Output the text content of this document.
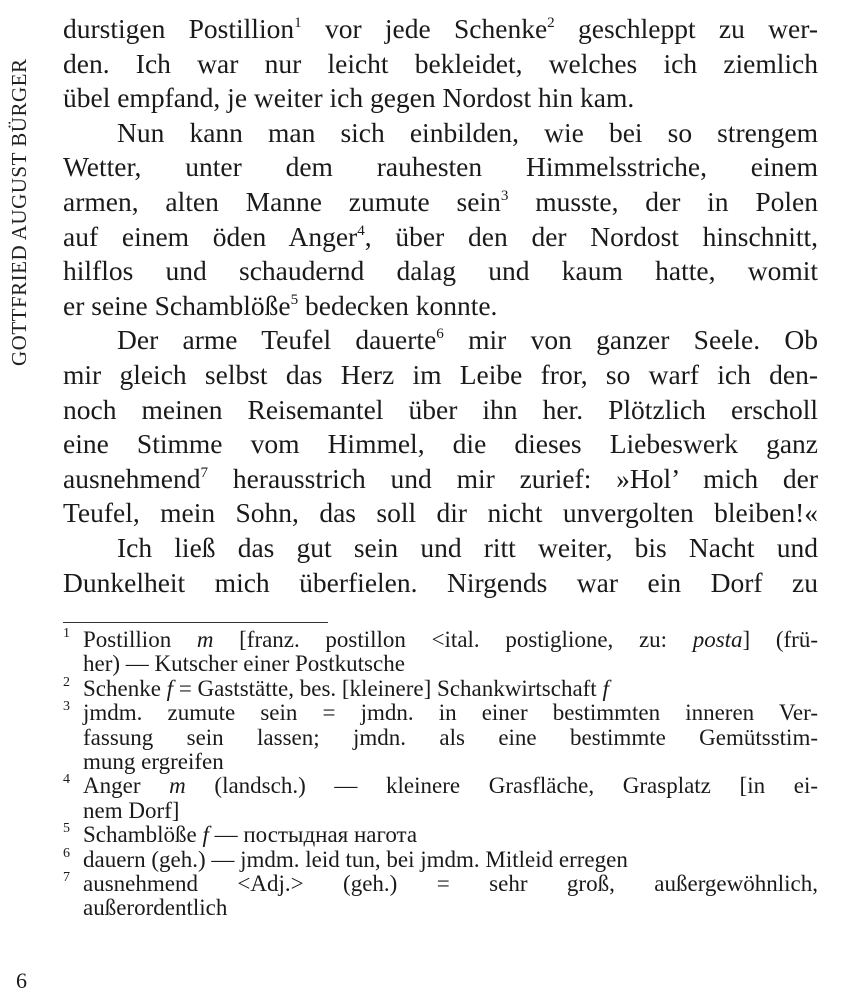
GOTTFRIED AUGUST BÜRGER
durstigen Postillion$^1$ vor jede Schenke$^2$ geschleppt zu wer-
den. Ich war nur leicht bekleidet, welches ich ziemlich
übel empfand, je weiter ich gegen Nordost hin kam.
Nun kann man sich einbilden, wie bei so strengem
Wetter, unter dem rauhesten Himmelsstriche, einem
armen, alten Manne zumute sein$^3$ musste, der in Polen
auf einem öden Anger$^4$, über den der Nordost hinschnitt,
hilflos und schaudernd dalag und kaum hatte, womit
er seine Schamblöße$^5$ bedecken konnte.
Der arme Teufel dauerte$^6$ mir von ganzer Seele. Ob
mir gleich selbst das Herz im Leibe fror, so warf ich den-
noch meinen Reisemantel über ihn her. Plötzlich erscholl
eine Stimme vom Himmel, die dieses Liebeswerk ganz
ausnehmend$^7$ herausstrich und mir zurief: »Hol’ mich der
Teufel, mein Sohn, das soll dir nicht unvergolten bleiben!«
Ich ließ das gut sein und ritt weiter, bis Nacht und
Dunkelheit mich überfielen. Nirgends war ein Dorf zu
1 Postillion m [franz. postillon <ital. postiglione, zu: posta] (frü-
her) — Kutscher einer Postkutsche
2 Schenke f = Gaststätte, bes. [kleinere] Schankwirtschaft f
3 jmdm. zumute sein = jmdn. in einer bestimmten inneren Ver-
fassung sein lassen; jmdn. als eine bestimmte Gemütsstim-
mung ergreifen
4 Anger m (landsch.) — kleinere Grasfläche, Grasplatz [in ei-
nem Dorf]
5 Schamblöße f — постыдная нагота
6 dauern (geh.) — jmdm. leid tun, bei jmdm. Mitleid erregen
7 ausnehmend <Adj.> (geh.) = sehr groß, außergewöhnlich,
außerordentlich
6
